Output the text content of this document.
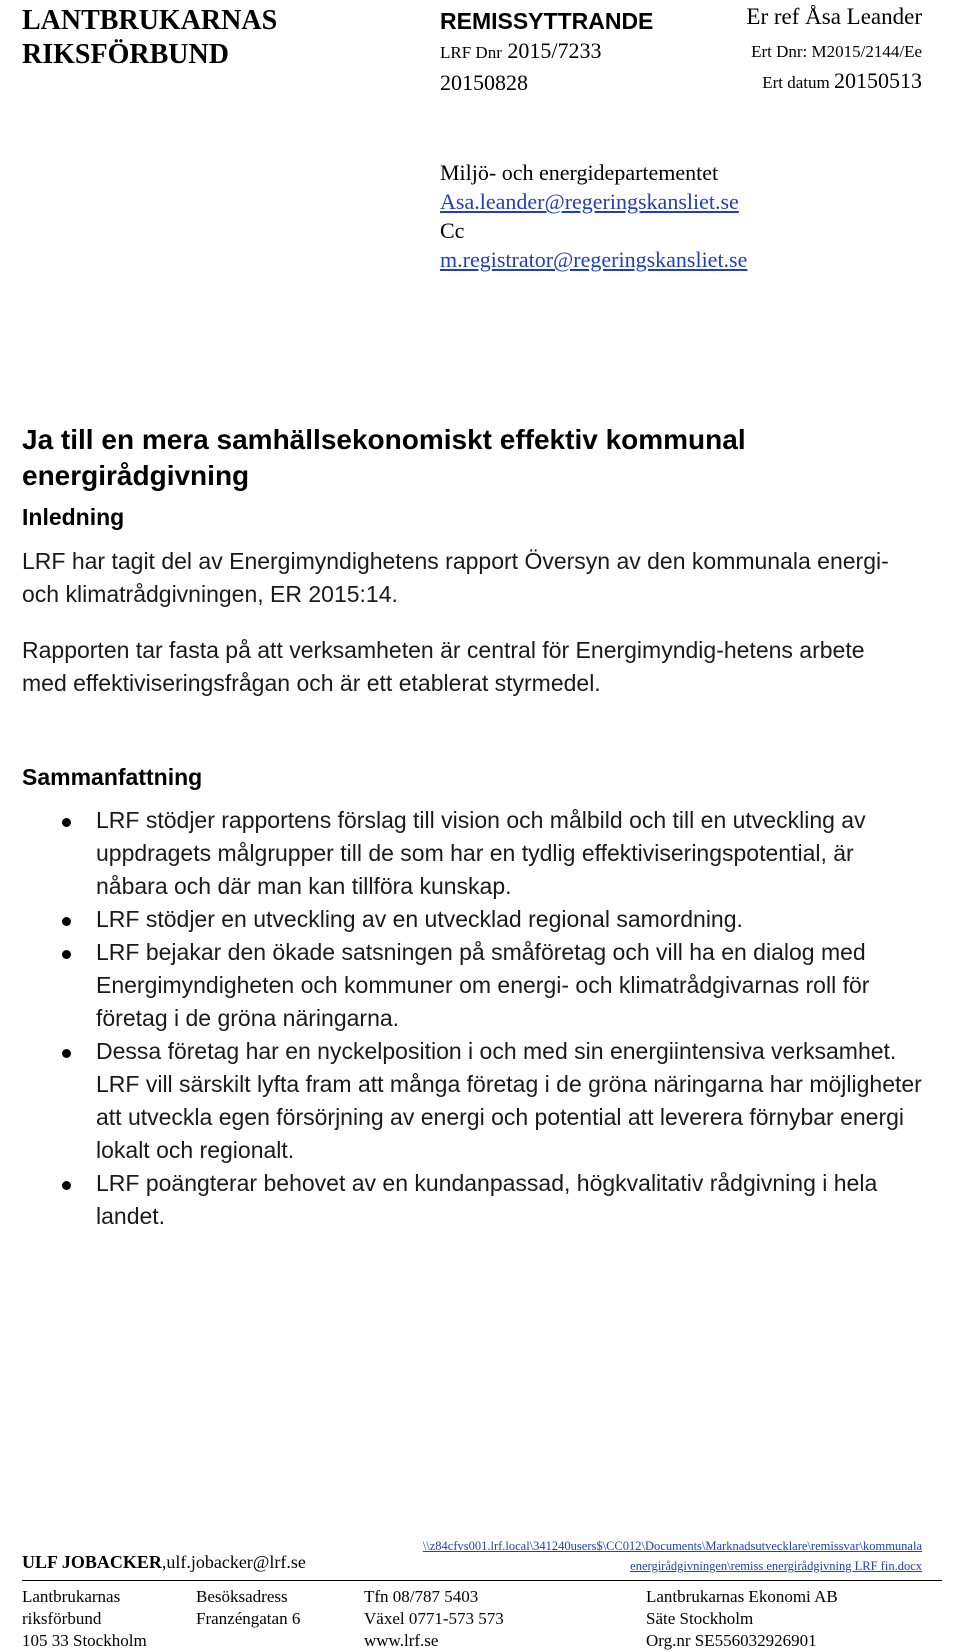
LANTBRUKARNAS
RIKSFÖRBUND
REMISSYTTRANDE
LRF Dnr 2015/7233
20150828
Er ref Åsa Leander
Ert Dnr: M2015/2144/Ee
Ert datum 20150513
Miljö- och energidepartementet
Asa.leander@regeringskansliet.se
Cc
m.registrator@regeringskansliet.se
Ja till en mera samhällsekonomiskt effektiv kommunal energirådgivning
Inledning
LRF har tagit del av Energimyndighetens rapport Översyn av den kommunala energi- och klimatrådgivningen, ER 2015:14.
Rapporten tar fasta på att verksamheten är central för Energimyndig-hetens arbete med effektiviseringsfrågan och är ett etablerat styrmedel.
Sammanfattning
LRF stödjer rapportens förslag till vision och målbild och till en utveckling av uppdragets målgrupper till de som har en tydlig effektiviseringspotential, är nåbara och där man kan tillföra kunskap.
LRF stödjer en utveckling av en utvecklad regional samordning.
LRF bejakar den ökade satsningen på småföretag och vill ha en dialog med Energimyndigheten och kommuner om energi- och klimatrådgivarnas roll för företag i de gröna näringarna.
Dessa företag har en nyckelposition i och med sin energiintensiva verksamhet. LRF vill särskilt lyfta fram att många företag i de gröna näringarna har möjligheter att utveckla egen försörjning av energi och potential att leverera förnybar energi lokalt och regionalt.
LRF poängterar behovet av en kundanpassad, högkvalitativ rådgivning i hela landet.
ULF JOBACKER,ulf.jobacker@lrf.se
\\z84cfvs001.lrf.local\341240users$\CC012\Documents\Marknadsutvecklare\remissvar\kommunala
energirådgivningen\remiss energirådgivning LRF fin.docx
Lantbrukarnas
riksförbund
105 33 Stockholm
Besöksadress
Franzéngatan 6
Tfn 08/787 5403
Växel 0771-573 573
www.lrf.se
Lantbrukarnas Ekonomi AB
Säte Stockholm
Org.nr SE556032926901
